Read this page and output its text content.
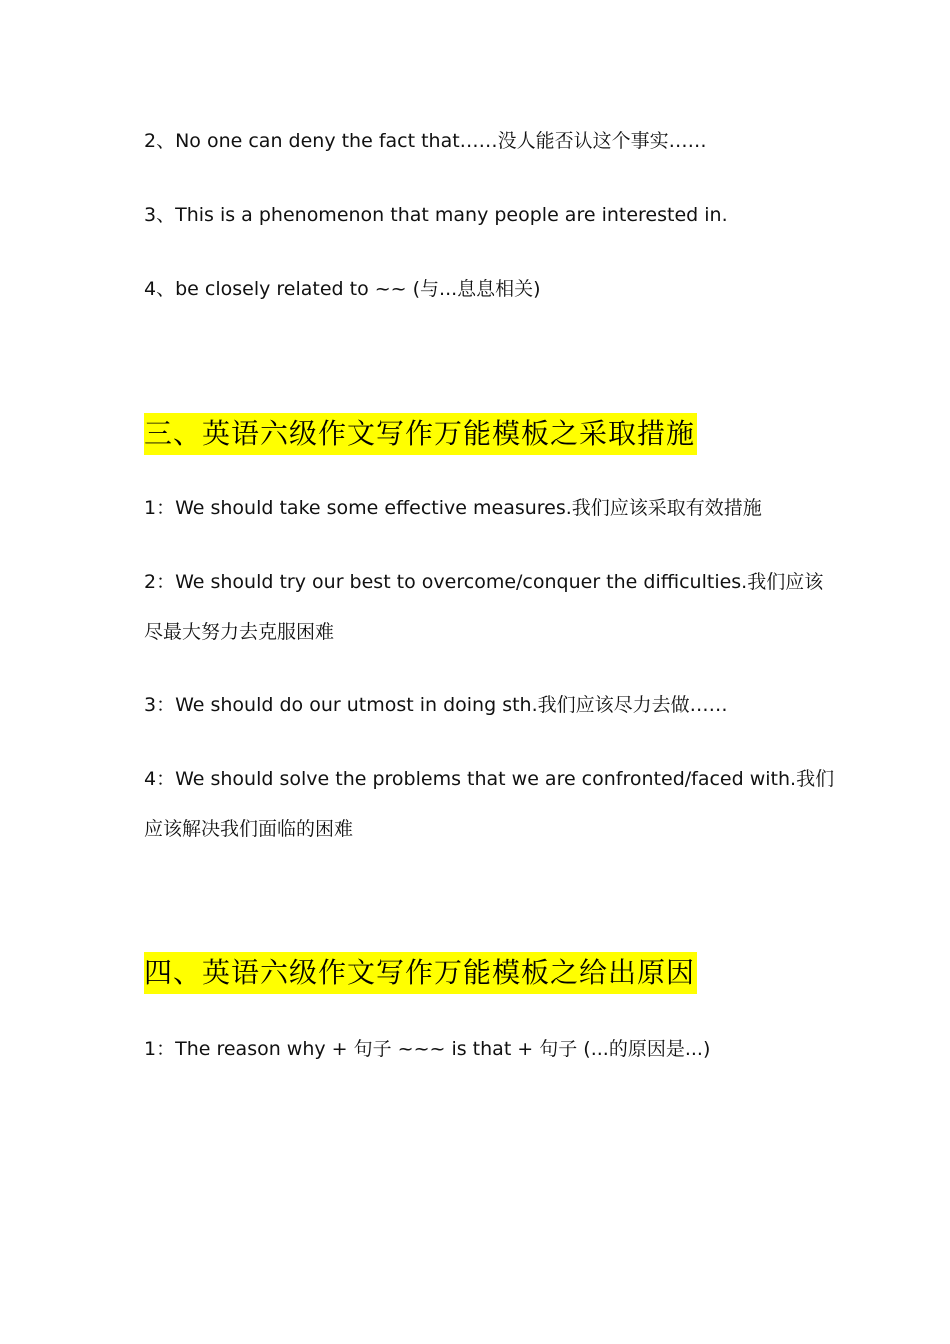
2、No one can deny the fact that……没人能否认这个事实……
3、This is a phenomenon that many people are interested in.
4、be closely related to ~~ (与...息息相关)
三、英语六级作文写作万能模板之采取措施
1：We should take some effective measures.我们应该采取有效措施
2：We should try our best to overcome/conquer the difficulties.我们应该
尽最大努力去克服困难
3：We should do our utmost in doing sth.我们应该尽力去做……
4：We should solve the problems that we are confronted/faced with.我们
应该解决我们面临的困难
四、英语六级作文写作万能模板之给出原因
1：The reason why + 句子 ~~~ is that + 句子 (...的原因是...)
